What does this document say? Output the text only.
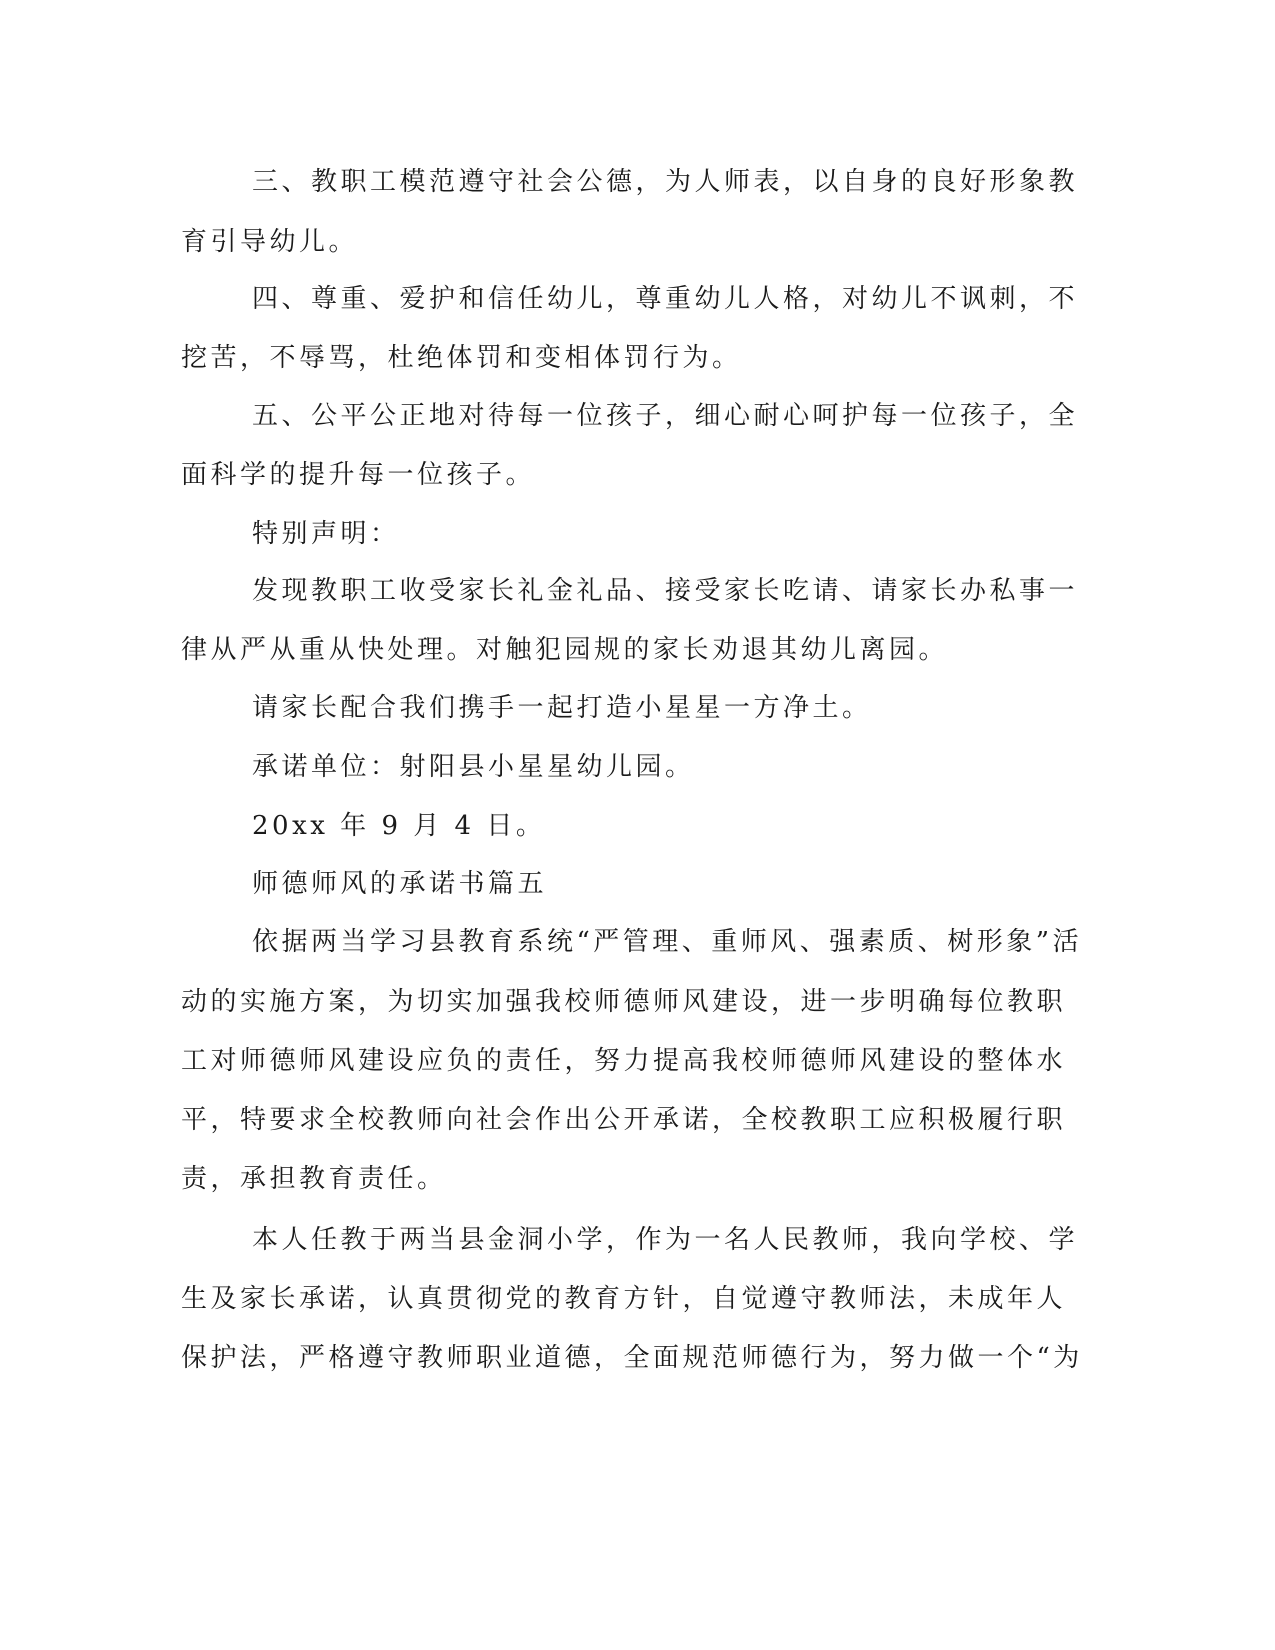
三、教职工模范遵守社会公德，为人师表，以自身的良好形象教
育引导幼儿。
四、尊重、爱护和信任幼儿，尊重幼儿人格，对幼儿不讽刺，不
挖苦，不辱骂，杜绝体罚和变相体罚行为。
五、公平公正地对待每一位孩子，细心耐心呵护每一位孩子，全
面科学的提升每一位孩子。
特别声明：
发现教职工收受家长礼金礼品、接受家长吃请、请家长办私事一
律从严从重从快处理。对触犯园规的家长劝退其幼儿离园。
请家长配合我们携手一起打造小星星一方净土。
承诺单位：射阳县小星星幼儿园。
20xx 年 9 月 4 日。
师德师风的承诺书篇五
依据两当学习县教育系统“严管理、重师风、强素质、树形象”活
动的实施方案，为切实加强我校师德师风建设，进一步明确每位教职
工对师德师风建设应负的责任，努力提高我校师德师风建设的整体水
平，特要求全校教师向社会作出公开承诺，全校教职工应积极履行职
责，承担教育责任。
本人任教于两当县金洞小学，作为一名人民教师，我向学校、学
生及家长承诺，认真贯彻党的教育方针，自觉遵守教师法，未成年人
保护法，严格遵守教师职业道德，全面规范师德行为，努力做一个“为
